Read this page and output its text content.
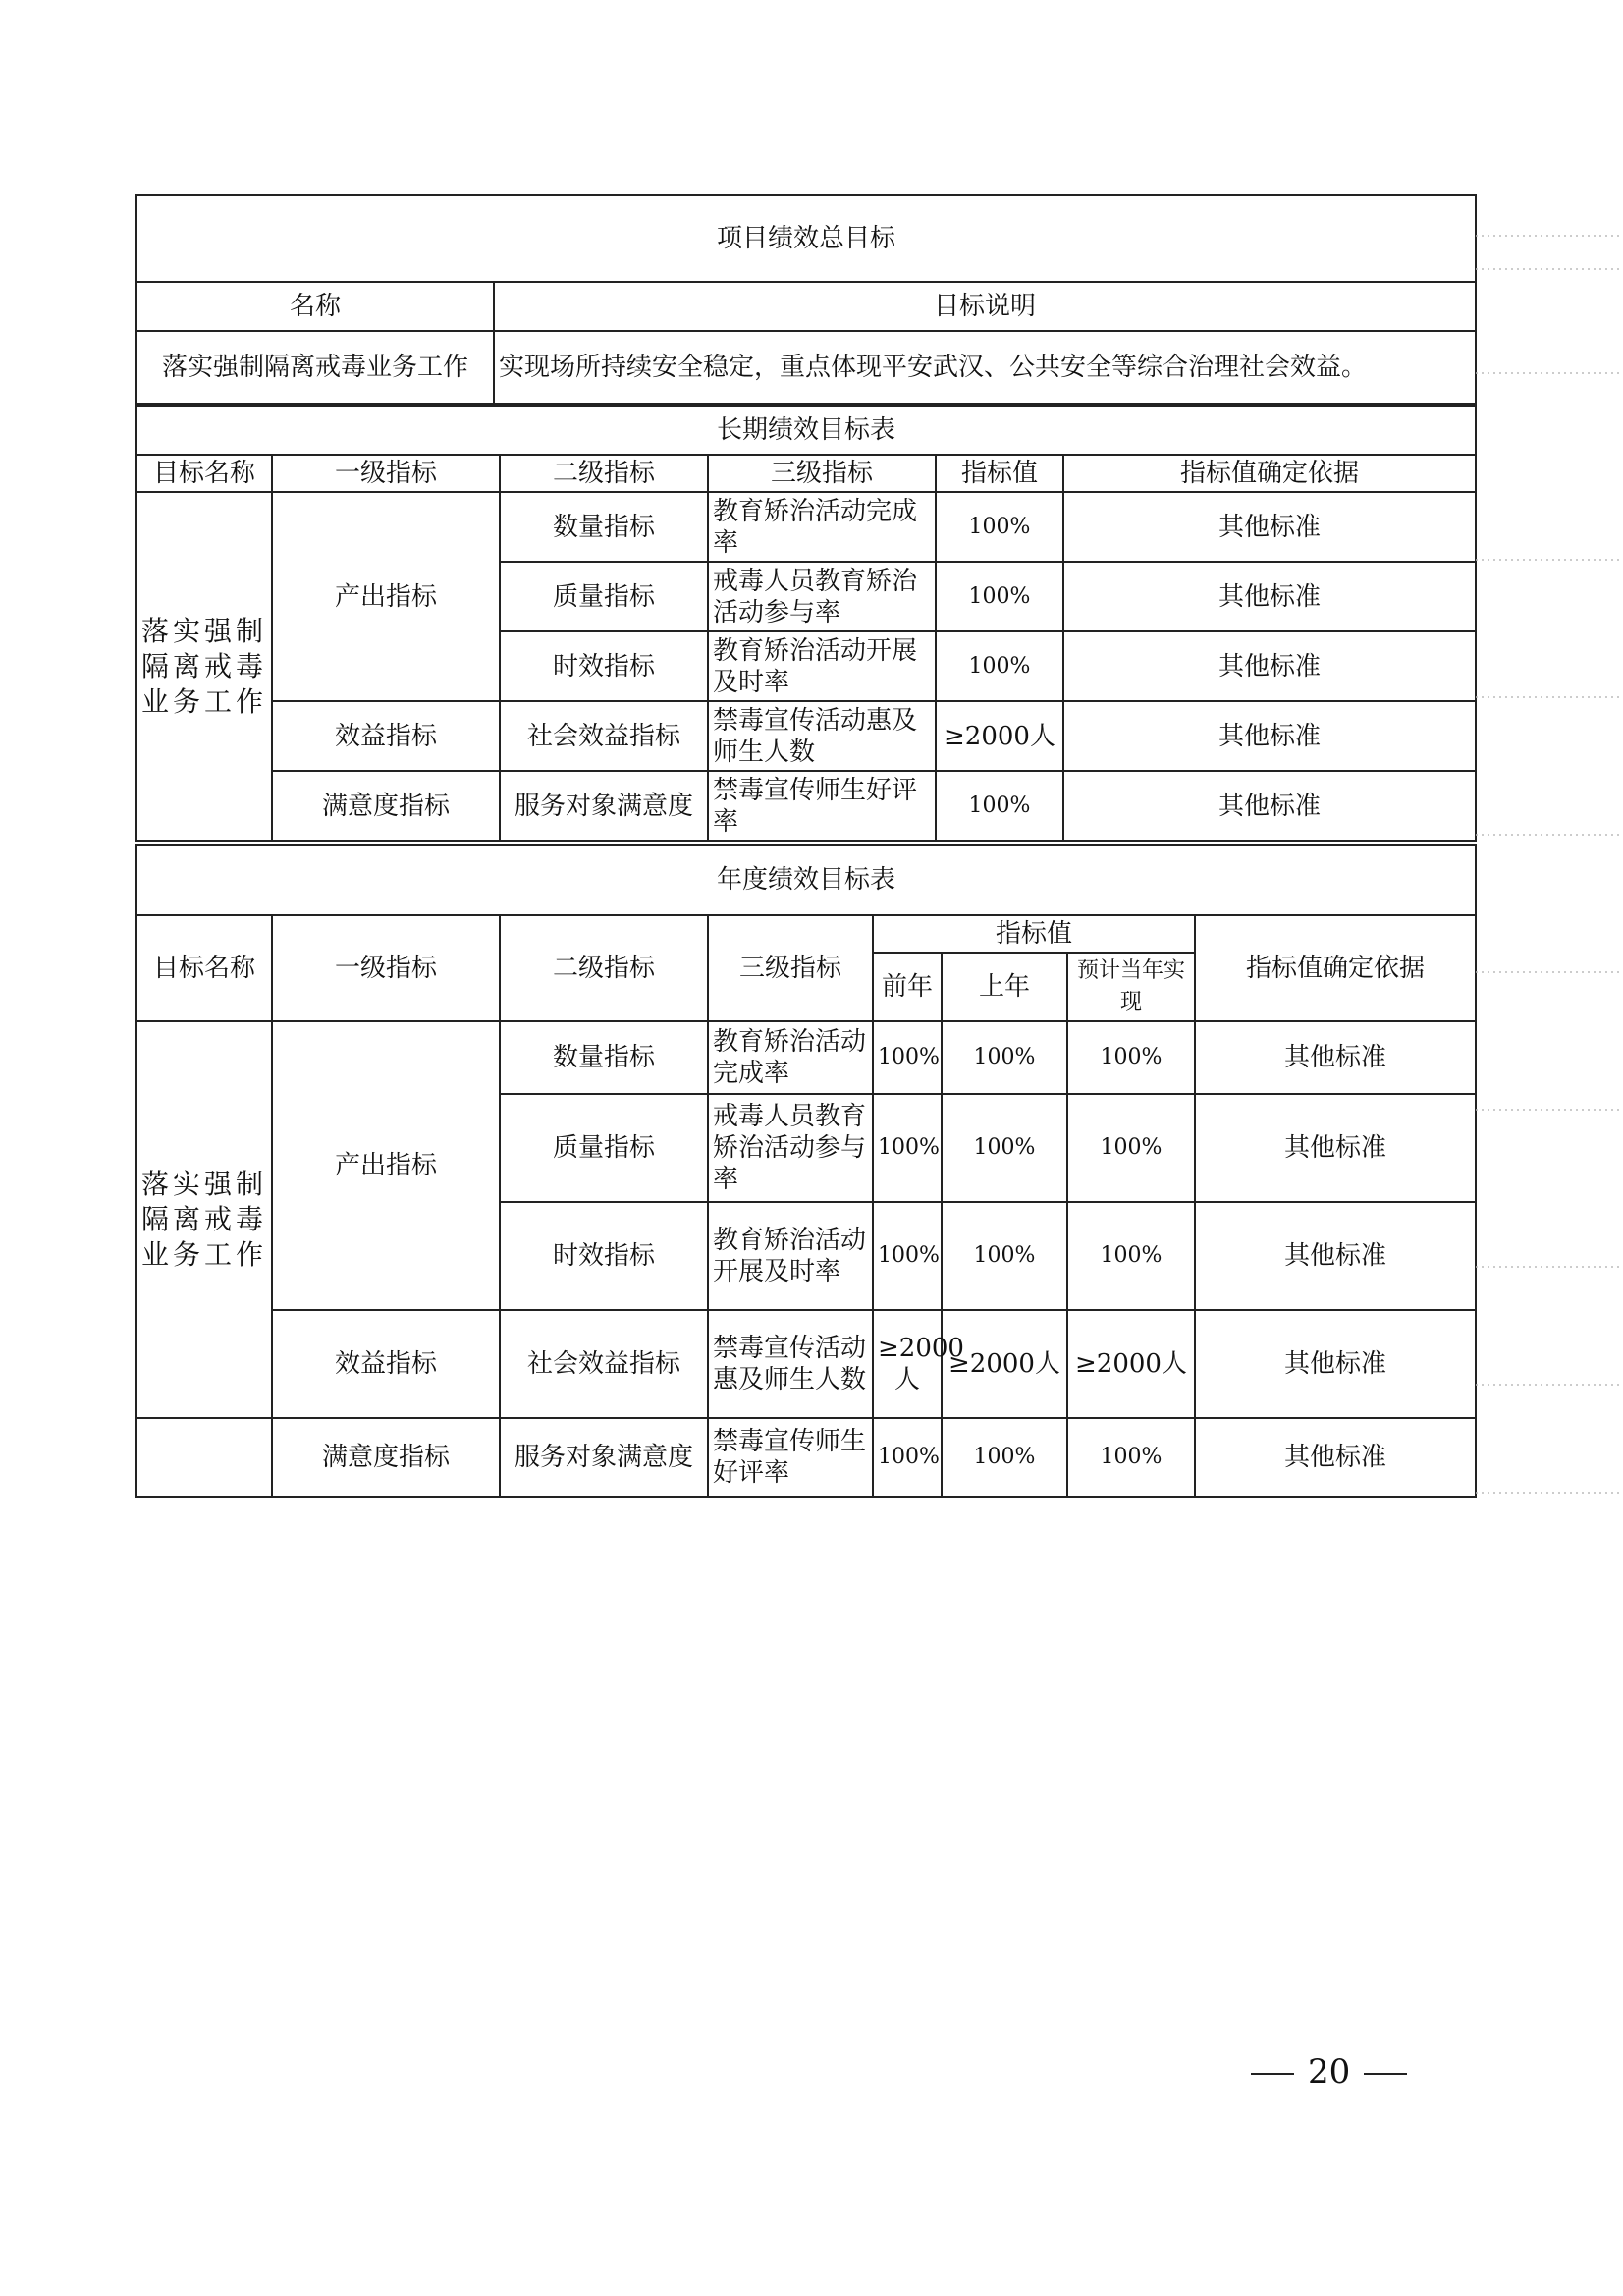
项目绩效总目标	
名称	目标说明
落实强制隔离戒毒业务工作	实现场所持续安全稳定，重点体现平安武汉、公共安全等综合治理社会效益。
长期绩效目标表					
目标名称	一级指标	二级指标	三级指标	指标值	指标值确定依据
落实强制隔离戒毒业务工作	产出指标	数量指标	教育矫治活动完成率	100%	其他标准
		质量指标	戒毒人员教育矫治活动参与率	100%	其他标准
		时效指标	教育矫治活动开展及时率	100%	其他标准
	效益指标	社会效益指标	禁毒宣传活动惠及师生人数	≥2000人	其他标准
	满意度指标	服务对象满意度	禁毒宣传师生好评率	100%	其他标准
年度绩效目标表							
目标名称	一级指标	二级指标	三级指标	指标值			指标值确定依据
				前年	上年	预计当年实现	
落实强制隔离戒毒业务工作	产出指标	数量指标	教育矫治活动完成率	100%	100%	100%	其他标准
		质量指标	戒毒人员教育矫治活动参与率	100%	100%	100%	其他标准
		时效指标	教育矫治活动开展及时率	100%	100%	100%	其他标准
	效益指标	社会效益指标	禁毒宣传活动惠及师生人数	≥2000人	≥2000人	≥2000人	其他标准
	满意度指标	服务对象满意度	禁毒宣传师生好评率	100%	100%	100%	其他标准
20
